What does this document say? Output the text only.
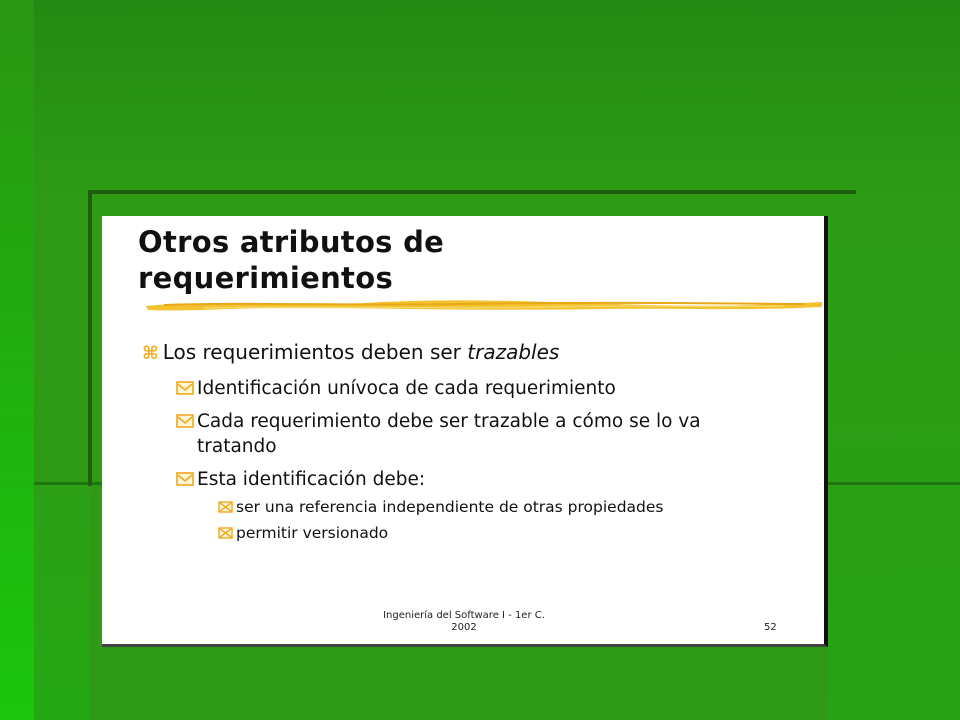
Otros atributos de
requerimientos
⌘ Los requerimientos deben ser trazables
Identificación unívoca de cada requerimiento
Cada requerimiento debe ser trazable a cómo se lo va tratando
Esta identificación debe:
ser una referencia independiente de otras propiedades
permitir versionado
Ingeniería del Software I - 1er C.
2002	52
